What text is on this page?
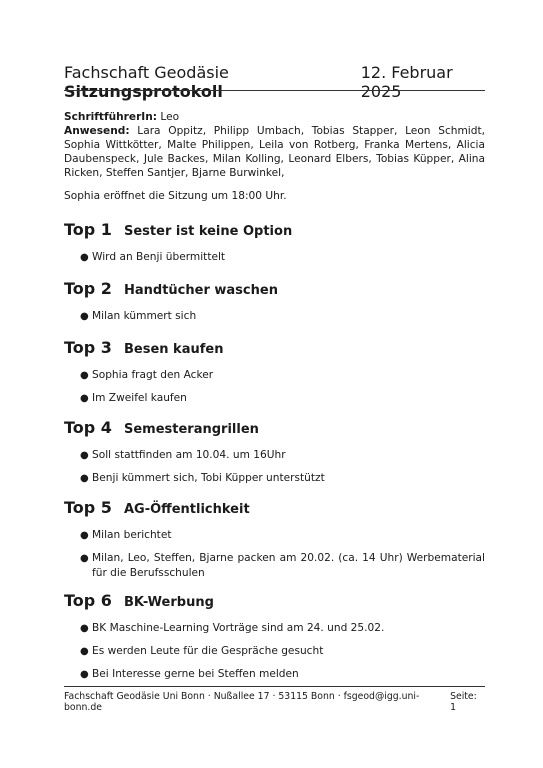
Fachschaft Geodäsie Sitzungsprotokoll
12. Februar 2025
SchriftführerIn: Leo
Anwesend: Lara Oppitz, Philipp Umbach, Tobias Stapper, Leon Schmidt, Sophia Wittkötter, Malte Philippen, Leila von Rotberg, Franka Mertens, Alicia Daubenspeck, Jule Backes, Milan Kolling, Leonard Elbers, Tobias Küpper, Alina Ricken, Steffen Santjer, Bjarne Burwinkel,
Sophia eröffnet die Sitzung um 18:00 Uhr.
Top 1 Sester ist keine Option
● Wird an Benji übermittelt
Top 2 Handtücher waschen
● Milan kümmert sich
Top 3 Besen kaufen
● Sophia fragt den Acker
● Im Zweifel kaufen
Top 4 Semesterangrillen
● Soll stattfinden am 10.04. um 16Uhr
● Benji kümmert sich, Tobi Küpper unterstützt
Top 5 AG-Öffentlichkeit
● Milan berichtet
● Milan, Leo, Steffen, Bjarne packen am 20.02. (ca. 14 Uhr) Werbematerial für die Berufsschulen
Top 6 BK-Werbung
● BK Maschine-Learning Vorträge sind am 24. und 25.02.
● Es werden Leute für die Gespräche gesucht
● Bei Interesse gerne bei Steffen melden
Fachschaft Geodäsie Uni Bonn · Nußallee 17 · 53115 Bonn · fsgeod@igg.uni-bonn.de
Seite: 1
